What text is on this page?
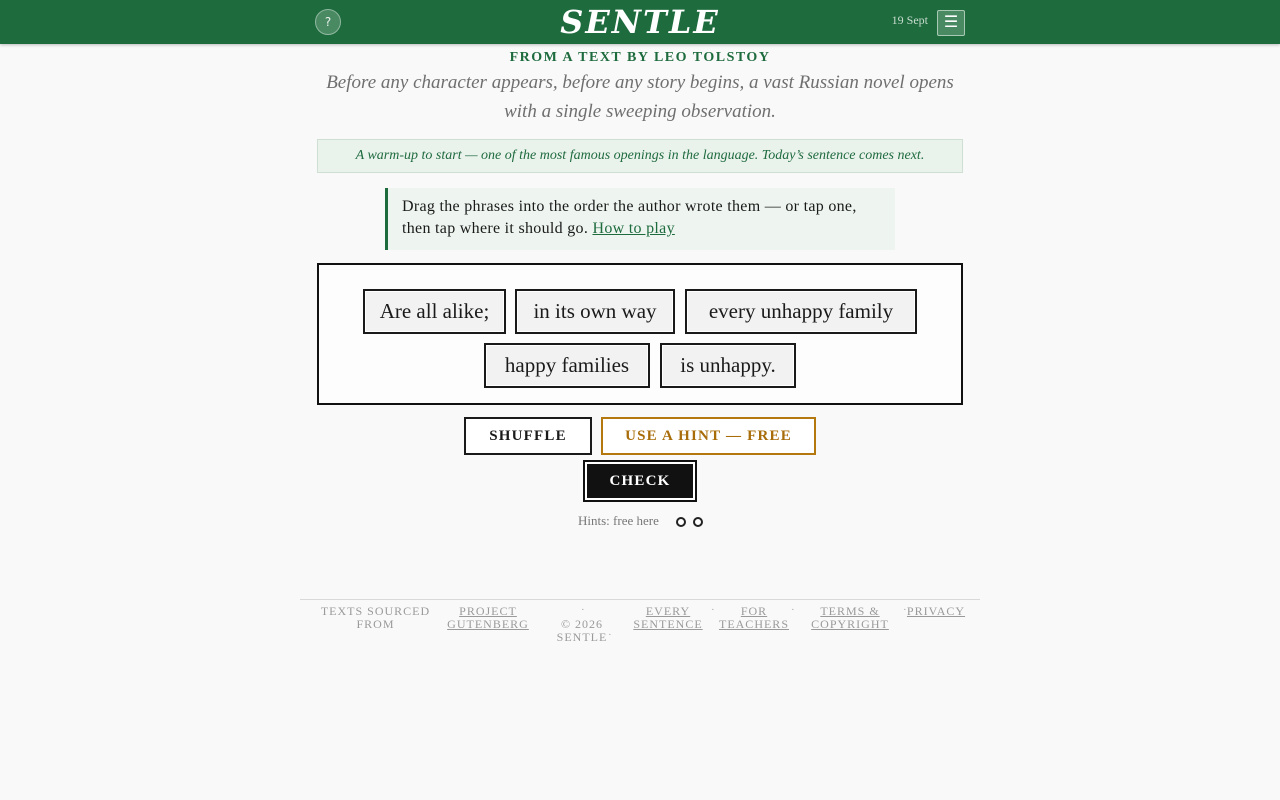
?	SENTLE	19 Sept ☰
FROM A TEXT BY LEO TOLSTOY
Before any character appears, before any story begins, a vast Russian novel opens with a single sweeping observation.
A warm-up to start — one of the most famous openings in the language. Today’s sentence comes next.
Drag the phrases into the order the author wrote them — or tap one, then tap where it should go. How to play
Are all alike;	in its own way	every unhappy family
happy families	is unhappy.
SHUFFLE	USE A HINT — FREE
CHECK
Hints: free here
TEXTS SOURCED FROM
PROJECT GUTENBERG
·
© 2026 SENTLE ·
EVERY SENTENCE
·	FOR TEACHERS
·	TERMS & COPYRIGHT
· PRIVACY
